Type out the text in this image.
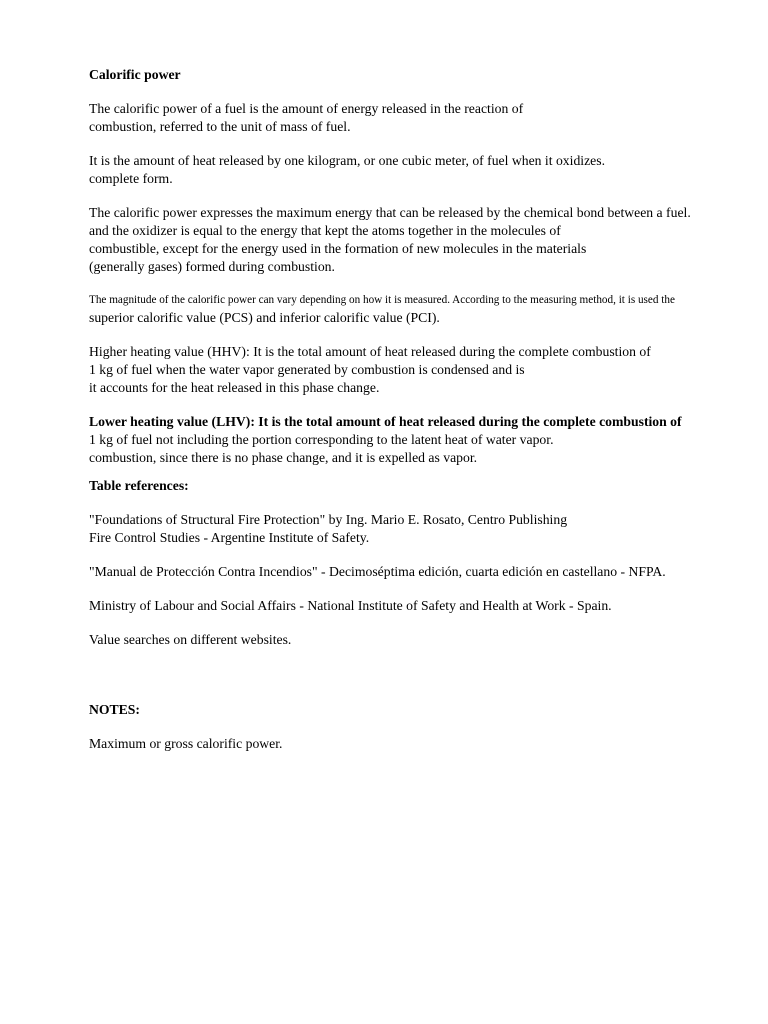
Calorific power
The calorific power of a fuel is the amount of energy released in the reaction of
combustion, referred to the unit of mass of fuel.
It is the amount of heat released by one kilogram, or one cubic meter, of fuel when it oxidizes.
complete form.
The calorific power expresses the maximum energy that can be released by the chemical bond between a fuel.
and the oxidizer is equal to the energy that kept the atoms together in the molecules of
combustible, except for the energy used in the formation of new molecules in the materials
(generally gases) formed during combustion.
The magnitude of the calorific power can vary depending on how it is measured. According to the measuring method, it is used the
superior calorific value (PCS) and inferior calorific value (PCI).
Higher heating value (HHV): It is the total amount of heat released during the complete combustion of
1 kg of fuel when the water vapor generated by combustion is condensed and is
it accounts for the heat released in this phase change.
Lower heating value (LHV): It is the total amount of heat released during the complete combustion of
1 kg of fuel not including the portion corresponding to the latent heat of water vapor.
combustion, since there is no phase change, and it is expelled as vapor.
Table references:
"Foundations of Structural Fire Protection" by Ing. Mario E. Rosato, Centro Publishing
Fire Control Studies - Argentine Institute of Safety.
"Manual de Protección Contra Incendios" - Decimoséptima edición, cuarta edición en castellano - NFPA.
Ministry of Labour and Social Affairs - National Institute of Safety and Health at Work - Spain.
Value searches on different websites.
NOTES:
Maximum or gross calorific power.
